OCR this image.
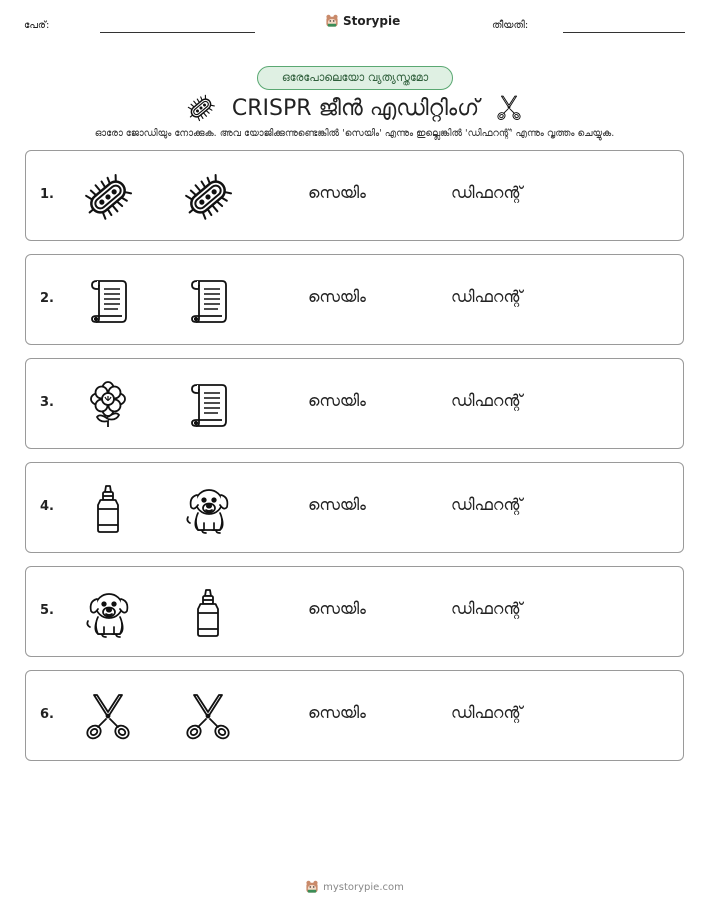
പേര്:	Storypie	തീയതി:
ഒരേപോലെയോ വ്യത്യസ്തമോ
CRISPR ജീൻ എഡിറ്റിംഗ്
ഓരോ ജോഡിയും നോക്കുക. അവ യോജിക്കുന്നുണ്ടെങ്കിൽ 'സെയിം' എന്നും ഇല്ലെങ്കിൽ 'ഡിഫറന്റ്' എന്നും വൃത്തം ചെയ്യുക.
1.	സെയിം	ഡിഫറന്റ്
2.	സെയിം	ഡിഫറന്റ്
3.	സെയിം	ഡിഫറന്റ്
4.	സെയിം	ഡിഫറന്റ്
5.	സെയിം	ഡിഫറന്റ്
6.	സെയിം	ഡിഫറന്റ്
mystorypie.com
